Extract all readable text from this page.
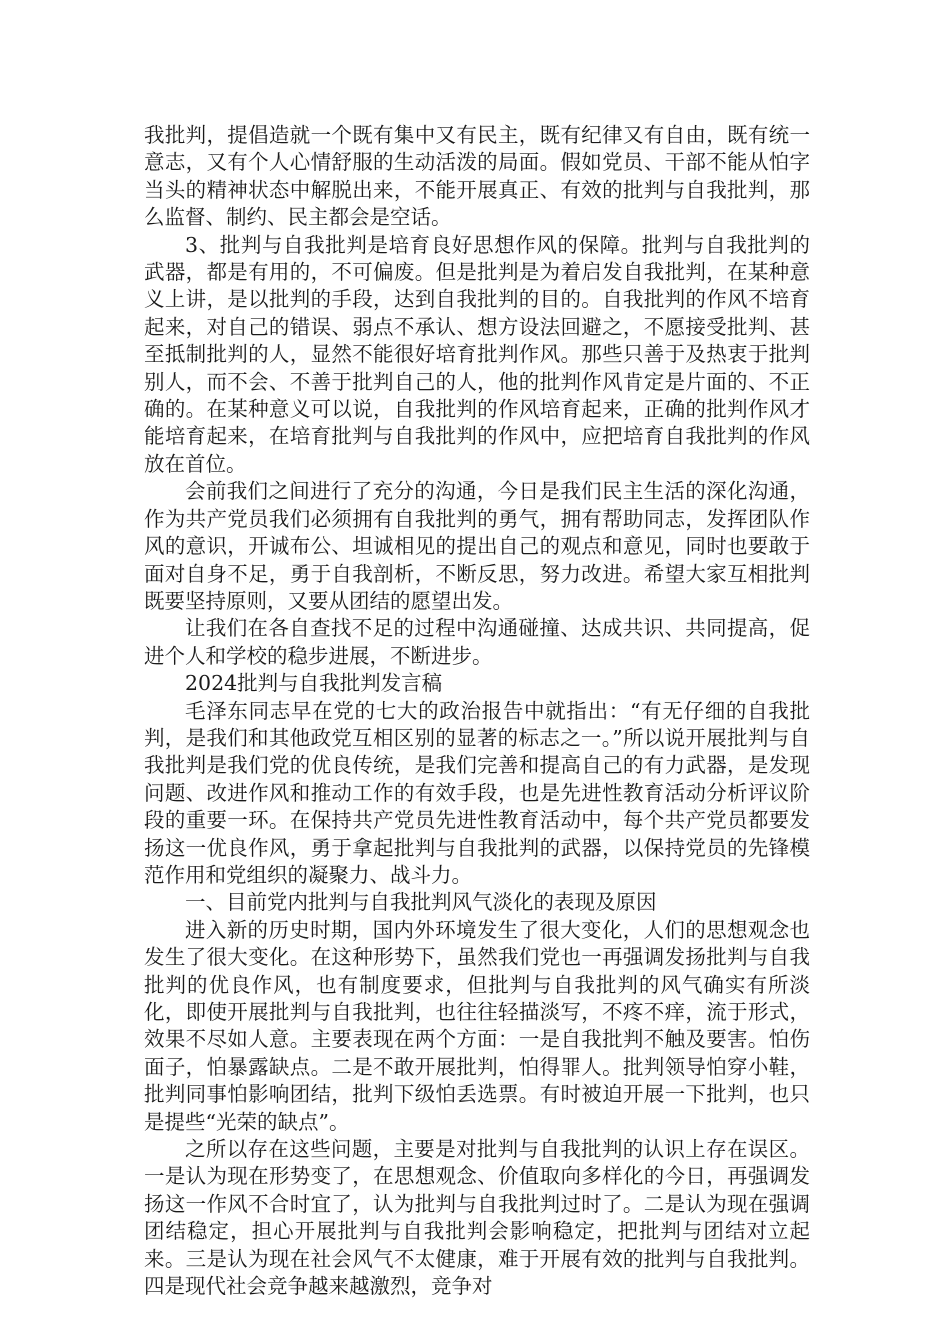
我批判，提倡造就一个既有集中又有民主，既有纪律又有自由，既有统一意志，又有个人心情舒服的生动活泼的局面。假如党员、干部不能从怕字当头的精神状态中解脱出来，不能开展真正、有效的批判与自我批判，那么监督、制约、民主都会是空话。

3、批判与自我批判是培育良好思想作风的保障。批判与自我批判的武器，都是有用的，不可偏废。但是批判是为着启发自我批判，在某种意义上讲，是以批判的手段，达到自我批判的目的。自我批判的作风不培育起来，对自己的错误、弱点不承认、想方设法回避之，不愿接受批判、甚至抵制批判的人，显然不能很好培育批判作风。那些只善于及热衷于批判别人，而不会、不善于批判自己的人，他的批判作风肯定是片面的、不正确的。在某种意义可以说，自我批判的作风培育起来，正确的批判作风才能培育起来，在培育批判与自我批判的作风中，应把培育自我批判的作风放在首位。

会前我们之间进行了充分的沟通，今日是我们民主生活的深化沟通，作为共产党员我们必须拥有自我批判的勇气，拥有帮助同志，发挥团队作风的意识，开诚布公、坦诚相见的提出自己的观点和意见，同时也要敢于面对自身不足，勇于自我剖析，不断反思，努力改进。希望大家互相批判既要坚持原则，又要从团结的愿望出发。

让我们在各自查找不足的过程中沟通碰撞、达成共识、共同提高，促进个人和学校的稳步进展，不断进步。

2024批判与自我批判发言稿

毛泽东同志早在党的七大的政治报告中就指出：“有无仔细的自我批判，是我们和其他政党互相区别的显著的标志之一。”所以说开展批判与自我批判是我们党的优良传统，是我们完善和提高自己的有力武器，是发现问题、改进作风和推动工作的有效手段，也是先进性教育活动分析评议阶段的重要一环。在保持共产党员先进性教育活动中，每个共产党员都要发扬这一优良作风，勇于拿起批判与自我批判的武器，以保持党员的先锋模范作用和党组织的凝聚力、战斗力。

一、目前党内批判与自我批判风气淡化的表现及原因

进入新的历史时期，国内外环境发生了很大变化，人们的思想观念也发生了很大变化。在这种形势下，虽然我们党也一再强调发扬批判与自我批判的优良作风，也有制度要求，但批判与自我批判的风气确实有所淡化，即使开展批判与自我批判，也往往轻描淡写，不疼不痒，流于形式，效果不尽如人意。主要表现在两个方面：一是自我批判不触及要害。怕伤面子，怕暴露缺点。二是不敢开展批判，怕得罪人。批判领导怕穿小鞋，批判同事怕影响团结，批判下级怕丢选票。有时被迫开展一下批判，也只是提些“光荣的缺点”。

之所以存在这些问题，主要是对批判与自我批判的认识上存在误区。一是认为现在形势变了，在思想观念、价值取向多样化的今日，再强调发扬这一作风不合时宜了，认为批判与自我批判过时了。二是认为现在强调团结稳定，担心开展批判与自我批判会影响稳定，把批判与团结对立起来。三是认为现在社会风气不太健康，难于开展有效的批判与自我批判。四是现代社会竞争越来越激烈，竞争对
